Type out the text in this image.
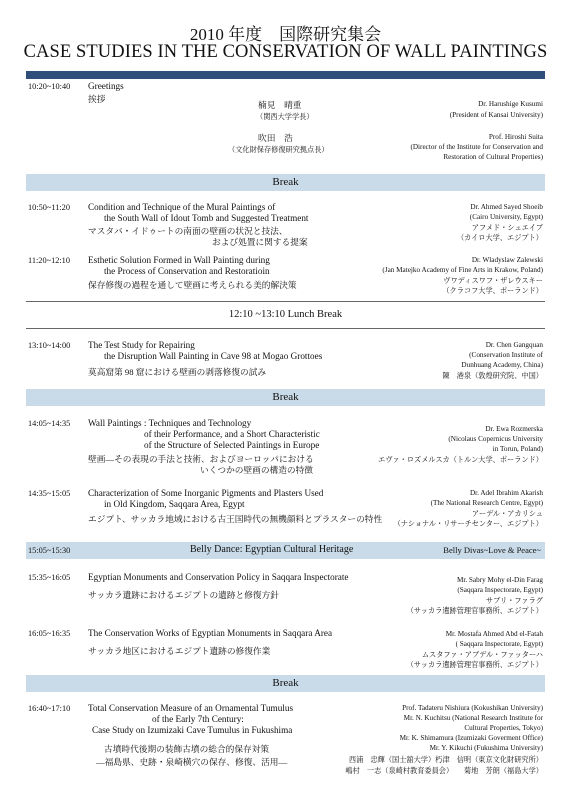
2010 年度　国際研究集会
CASE STUDIES IN THE CONSERVATION OF WALL PAINTINGS
10:20~10:40 Greetings
挨拶
楠見　晴重
（関西大学学長）
Dr. Harushige Kusumi
(President of Kansai University)
吹田　浩
（文化財保存修復研究拠点長）
Prof. Hiroshi Suita
(Director of the Institute for Conservation and
Restoration of Cultural Properties)
Break
10:50~11:20 Condition and Technique of the Mural Paintings of
the South Wall of Idout Tomb and Suggested Treatment
マスタバ・イドゥートの南面の壁画の状況と技法、
および処置に関する提案
Dr. Ahmed Sayed Shoeib
(Cairo University, Egypt)
アフメド・シュエイブ
（カイロ大学、エジプト）
11:20~12:10 Esthetic Solution Formed in Wall Painting during
the Process of Conservation and Restoratioin
保存修復の過程を通して壁画に考えられる美的解決策
Dr. Wladyslaw Zalewski
(Jan Matejko Academy of Fine Arts in Krakow, Poland)
ヴワディスワフ・ザレウスキー
（クラコフ大学、ポーランド）
12:10 ~13:10 Lunch Break
13:10~14:00 The Test Study for Repairing
the Disruption Wall Painting in Cave 98 at Mogao Grottoes
莫高窟第 98 窟における壁画の剥落修復の試み
Dr. Chen Gangquan
(Conservation Institute of
Dunhuang Academy, China)
陳　港泉（敦煌研究院、中国）
Break
14:05~14:35 Wall Paintings : Techniques and Technology
of their Performance, and a Short Characteristic
of the Structure of Selected Paintings in Europe
壁画―その表現の手法と技術、およびヨーロッパにおける
いくつかの壁画の構造の特徴
Dr. Ewa Rozmerska
(Nicolaus Copernicus University
in Torun, Poland)
エヴァ・ロズメルスカ（トルン大学、ポーランド）
14:35~15:05 Characterization of Some Inorganic Pigments and Plasters Used
in Old Kingdom, Saqqara Area, Egypt
エジプト、サッカラ地域における古王国時代の無機顔料とプラスターの特性
Dr. Adel Ibrahim Akarish
(The National Research Centre, Egypt)
アーデル・アカリシュ
（ナショナル・リサーチセンター、エジプト）
15:05~15:30	Belly Dance: Egyptian Cultural Heritage	Belly Divas~Love & Peace~
15:35~16:05 Egyptian Monuments and Conservation Policy in Saqqara Inspectorate
サッカラ遺跡におけるエジプトの遺跡と修復方針
Mr. Sabry Mohy el-Din Farag
(Saqqara Inspectorate, Egypt)
サブリ・ファラグ
（サッカラ遺跡管理官事務所、エジプト）
16:05~16:35 The Conservation Works of Egyptian Monuments in Saqqara Area
サッカラ地区におけるエジプト遺跡の修復作業
Mr. Mostafa Ahmed Abd el-Fatah
( Saqqara Inspectorate, Egypt)
ムスタファ・アブデル・ファッターハ
（サッカラ遺跡管理官事務所、エジプト）
Break
16:40~17:10 Total Conservation Measure of an Ornamental Tumulus
of the Early 7th Century:
Case Study on Izumizaki Cave Tumulus in Fukushima
古墳時代後期の装飾古墳の総合的保存対策
―福島県、史跡・泉崎横穴の保存、修復、活用―
Prof. Tadateru Nishiura (Kokushikan University)
Mr. N. Kuchitsu (National Research Institute for
Cultural Properties, Tokyo)
Mr. K. Shimamura (Izumizaki Goverment Office)
Mr. Y. Kikuchi (Fukushima University)
西浦　忠輝（国士舘大学）朽津　信明（東京文化財研究所）
嶋村　一志（泉崎村教育委員会）　　菊地　芳朗（福島大学）
